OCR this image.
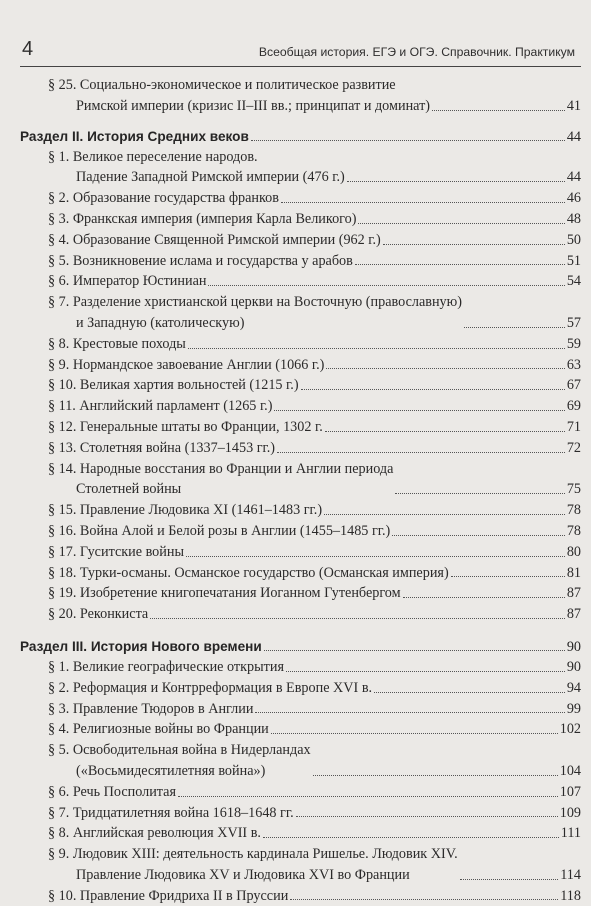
4	Всеобщая история. ЕГЭ и ОГЭ. Справочник. Практикум
§ 25. Социально-экономическое и политическое развитие
Римской империи (кризис II–III вв.; принципат и доминат)	41
Раздел II. История Средних веков	44
§ 1. Великое переселение народов.
Падение Западной Римской империи (476 г.)	44
§ 2. Образование государства франков	46
§ 3. Франкская империя (империя Карла Великого)	48
§ 4. Образование Священной Римской империи (962 г.)	50
§ 5. Возникновение ислама и государства у арабов	51
§ 6. Император Юстиниан	54
§ 7. Разделение христианской церкви на Восточную (православную)
и Западную (католическую)	57
§ 8. Крестовые походы	59
§ 9. Нормандское завоевание Англии (1066 г.)	63
§ 10. Великая хартия вольностей (1215 г.)	67
§ 11. Английский парламент (1265 г.)	69
§ 12. Генеральные штаты во Франции, 1302 г.	71
§ 13. Столетняя война (1337–1453 гг.)	72
§ 14. Народные восстания во Франции и Англии периода
Столетней войны	75
§ 15. Правление Людовика XI (1461–1483 гг.)	78
§ 16. Война Алой и Белой розы в Англии (1455–1485 гг.)	78
§ 17. Гуситские войны	80
§ 18. Турки-османы. Османское государство (Османская империя)	81
§ 19. Изобретение книгопечатания Иоганном Гутенбергом	87
§ 20. Реконкиста	87
Раздел III. История Нового времени	90
§ 1. Великие географические открытия	90
§ 2. Реформация и Контрреформация в Европе XVI в.	94
§ 3. Правление Тюдоров в Англии	99
§ 4. Религиозные войны во Франции	102
§ 5. Освободительная война в Нидерландах
(«Восьмидесятилетняя война»)	104
§ 6. Речь Посполитая	107
§ 7. Тридцатилетняя война 1618–1648 гг.	109
§ 8. Английская революция XVII в.	111
§ 9. Людовик XIII: деятельность кардинала Ришелье. Людовик XIV.
Правление Людовика XV и Людовика XVI во Франции	114
§ 10. Правление Фридриха II в Пруссии	118
